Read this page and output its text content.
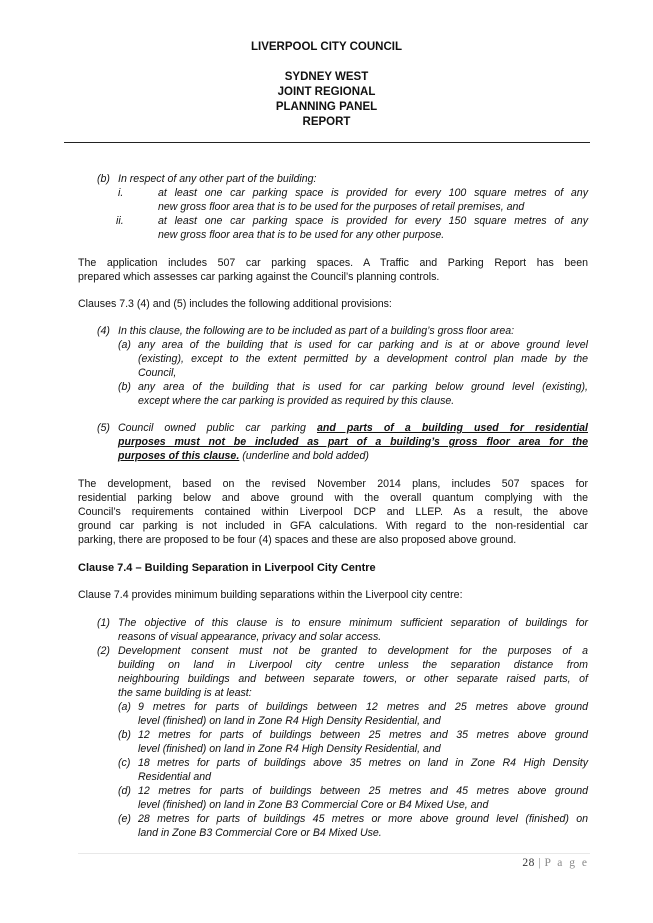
LIVERPOOL CITY COUNCIL
SYDNEY WEST
JOINT REGIONAL
PLANNING PANEL
REPORT
(b) In respect of any other part of the building:
i.	at least one car parking space is provided for every 100 square metres of any
new gross floor area that is to be used for the purposes of retail premises, and
ii.	at least one car parking space is provided for every 150 square metres of any
new gross floor area that is to be used for any other purpose.
The application includes 507 car parking spaces. A Traffic and Parking Report has been
prepared which assesses car parking against the Council’s planning controls.
Clauses 7.3 (4) and (5) includes the following additional provisions:
(4) In this clause, the following are to be included as part of a building’s gross floor area:
(a) any area of the building that is used for car parking and is at or above ground level
(existing), except to the extent permitted by a development control plan made by the
Council,
(b) any area of the building that is used for car parking below ground level (existing),
except where the car parking is provided as required by this clause.
(5) Council owned public car parking and parts of a building used for residential
purposes must not be included as part of a building’s gross floor area for the
purposes of this clause. (underline and bold added)
The development, based on the revised November 2014 plans, includes 507 spaces for
residential parking below and above ground with the overall quantum complying with the
Council’s requirements contained within Liverpool DCP and LLEP. As a result, the above
ground car parking is not included in GFA calculations. With regard to the non-residential car
parking, there are proposed to be four (4) spaces and these are also proposed above ground.
Clause 7.4 – Building Separation in Liverpool City Centre
Clause 7.4 provides minimum building separations within the Liverpool city centre:
(1) The objective of this clause is to ensure minimum sufficient separation of buildings for
reasons of visual appearance, privacy and solar access.
(2) Development consent must not be granted to development for the purposes of a
building on land in Liverpool city centre unless the separation distance from
neighbouring buildings and between separate towers, or other separate raised parts, of
the same building is at least:
(a) 9 metres for parts of buildings between 12 metres and 25 metres above ground
level (finished) on land in Zone R4 High Density Residential, and
(b) 12 metres for parts of buildings between 25 metres and 35 metres above ground
level (finished) on land in Zone R4 High Density Residential, and
(c) 18 metres for parts of buildings above 35 metres on land in Zone R4 High Density
Residential and
(d) 12 metres for parts of buildings between 25 metres and 45 metres above ground
level (finished) on land in Zone B3 Commercial Core or B4 Mixed Use, and
(e) 28 metres for parts of buildings 45 metres or more above ground level (finished) on
land in Zone B3 Commercial Core or B4 Mixed Use.
28 | P a g e
